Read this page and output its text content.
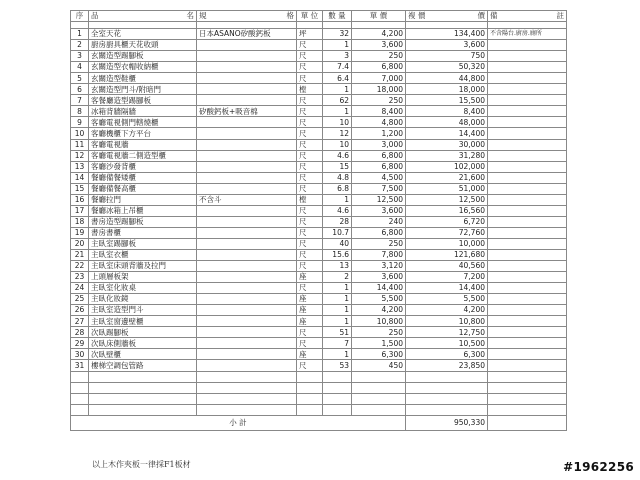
序	品 名	規 格	單 位	數 量	單 價	複 價 價	備 註

1	全室天花	日本ASANO矽酸鈣板	坪	32	4,200	134,400	不含陽台.廚房.廁所
2	廚房廚具櫃天花收頭		尺	1	3,600	3,600	
3	玄關造型踢腳板		尺	3	250	750	
4	玄關造型衣帽收納櫃		尺	7.4	6,800	50,320	
5	玄關造型鞋櫃		尺	6.4	7,000	44,800	
6	玄關造型門斗/附暗門		樘	1	18,000	18,000	
7	客餐廳造型踢腳板		尺	62	250	15,500	
8	冰箱背牆隔牆	矽酸鈣板+吸音棉	尺	1	8,400	8,400	
9	客廳電視側門轄燒櫃		尺	10	4,800	48,000	
10	客廳機櫃下方平台		尺	12	1,200	14,400	
11	客廳電視牆		尺	10	3,000	30,000	
12	客廳電視牆二側造型櫃		尺	4.6	6,800	31,280	
13	客廳沙發背櫃		尺	15	6,800	102,000	
14	餐廳備餐矮櫃		尺	4.8	4,500	21,600	
15	餐廳備餐高櫃		尺	6.8	7,500	51,000	
16	餐廳拉門	不含斗	樘	1	12,500	12,500	
17	餐廳冰箱上吊櫃		尺	4.6	3,600	16,560	
18	書房造型踢腳板		尺	28	240	6,720	
19	書房書櫃		尺	10.7	6,800	72,760	
20	主臥室踢腳板		尺	40	250	10,000	
21	主臥室衣櫃		尺	15.6	7,800	121,680	
22	主臥室床頭背牆及拉門		尺	13	3,120	40,560	
23	上頭層板架		座	2	3,600	7,200	
24	主臥室化妝桌		尺	1	14,400	14,400	
25	主臥化妝鏡		座	1	5,500	5,500	
26	主臥室造型門斗		座	1	4,200	4,200	
27	主臥室窗邊壁櫃		座	1	10,800	10,800	
28	次臥踢腳板		尺	51	250	12,750	
29	次臥床側牆板		尺	7	1,500	10,500	
30	次臥壁櫃		座	1	6,300	6,300	
31	樓梯空調包管路		尺	53	450	23,850	

小 計						950,330	
以上木作夾板一律採F1板材	#1962256
